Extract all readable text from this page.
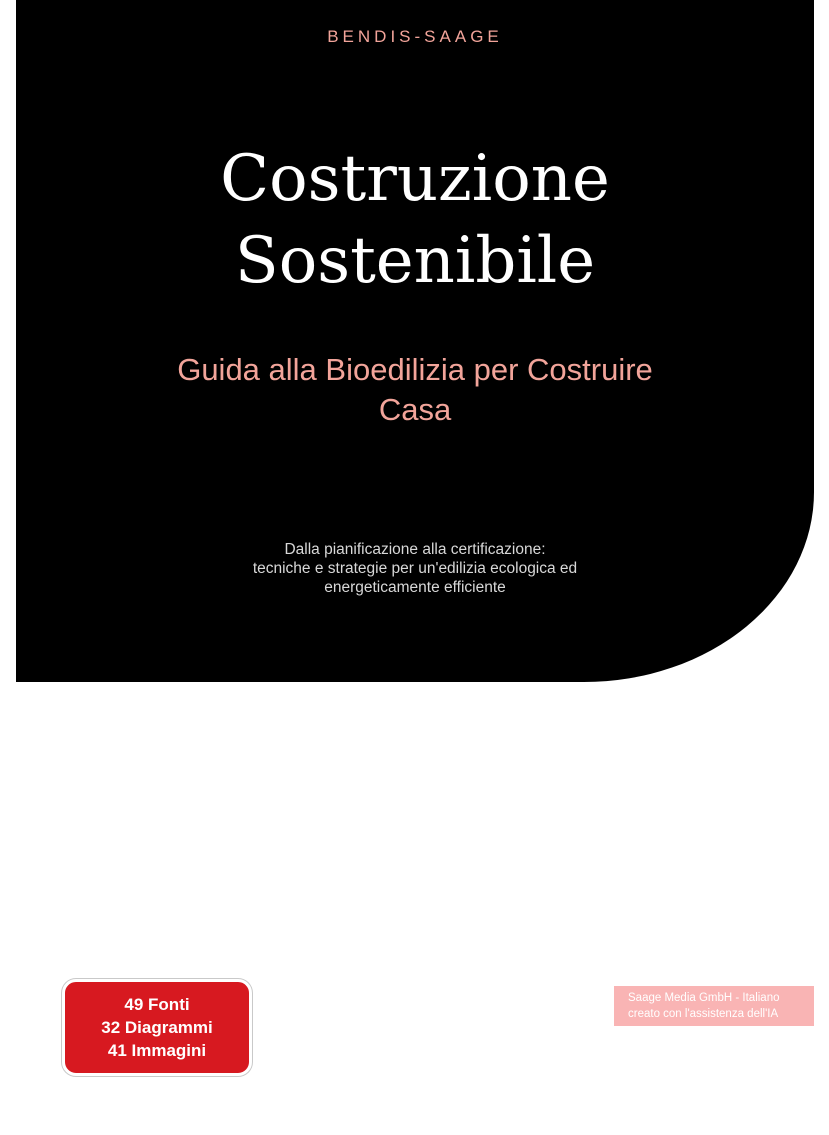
BENDIS-SAAGE
Costruzione
Sostenibile
Guida alla Bioedilizia per Costruire
Casa
Dalla pianificazione alla certificazione:
tecniche e strategie per un'edilizia ecologica ed
energeticamente efficiente
49 Fonti
32 Diagrammi
41 Immagini
Saage Media GmbH - Italiano
creato con l'assistenza dell'IA
